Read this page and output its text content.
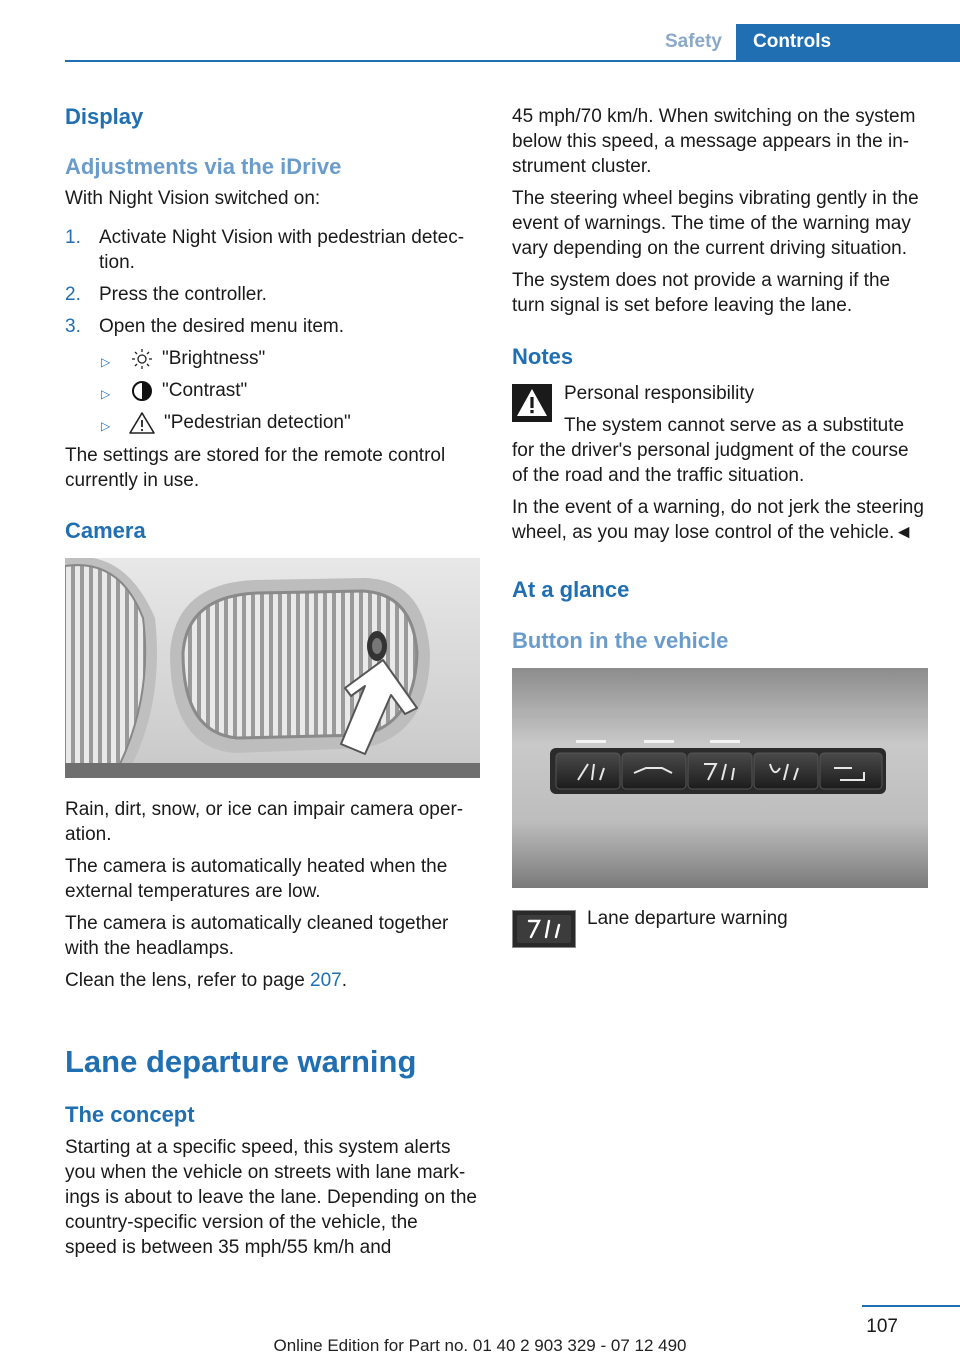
Safety	Controls
Display
Adjustments via the iDrive
With Night Vision switched on:
1. Activate Night Vision with pedestrian detec-
tion.
2. Press the controller.
3. Open the desired menu item.
▷	"Brightness"
▷	"Contrast"
▷	"Pedestrian detection"
The settings are stored for the remote control
currently in use.
Camera
Rain, dirt, snow, or ice can impair camera oper-
ation.
The camera is automatically heated when the
external temperatures are low.
The camera is automatically cleaned together
with the headlamps.
Clean the lens, refer to page 207.
Lane departure warning
The concept
Starting at a specific speed, this system alerts
you when the vehicle on streets with lane mark-
ings is about to leave the lane. Depending on the
country-specific version of the vehicle, the
speed is between 35 mph/55 km/h and
45 mph/70 km/h. When switching on the system
below this speed, a message appears in the in-
strument cluster.
The steering wheel begins vibrating gently in the
event of warnings. The time of the warning may
vary depending on the current driving situation.
The system does not provide a warning if the
turn signal is set before leaving the lane.
Notes
Personal responsibility
The system cannot serve as a substitute
for the driver's personal judgment of the course
of the road and the traffic situation.
In the event of a warning, do not jerk the steering
wheel, as you may lose control of the vehicle.◄
At a glance
Button in the vehicle
Lane departure warning
107
Online Edition for Part no. 01 40 2 903 329 - 07 12 490
